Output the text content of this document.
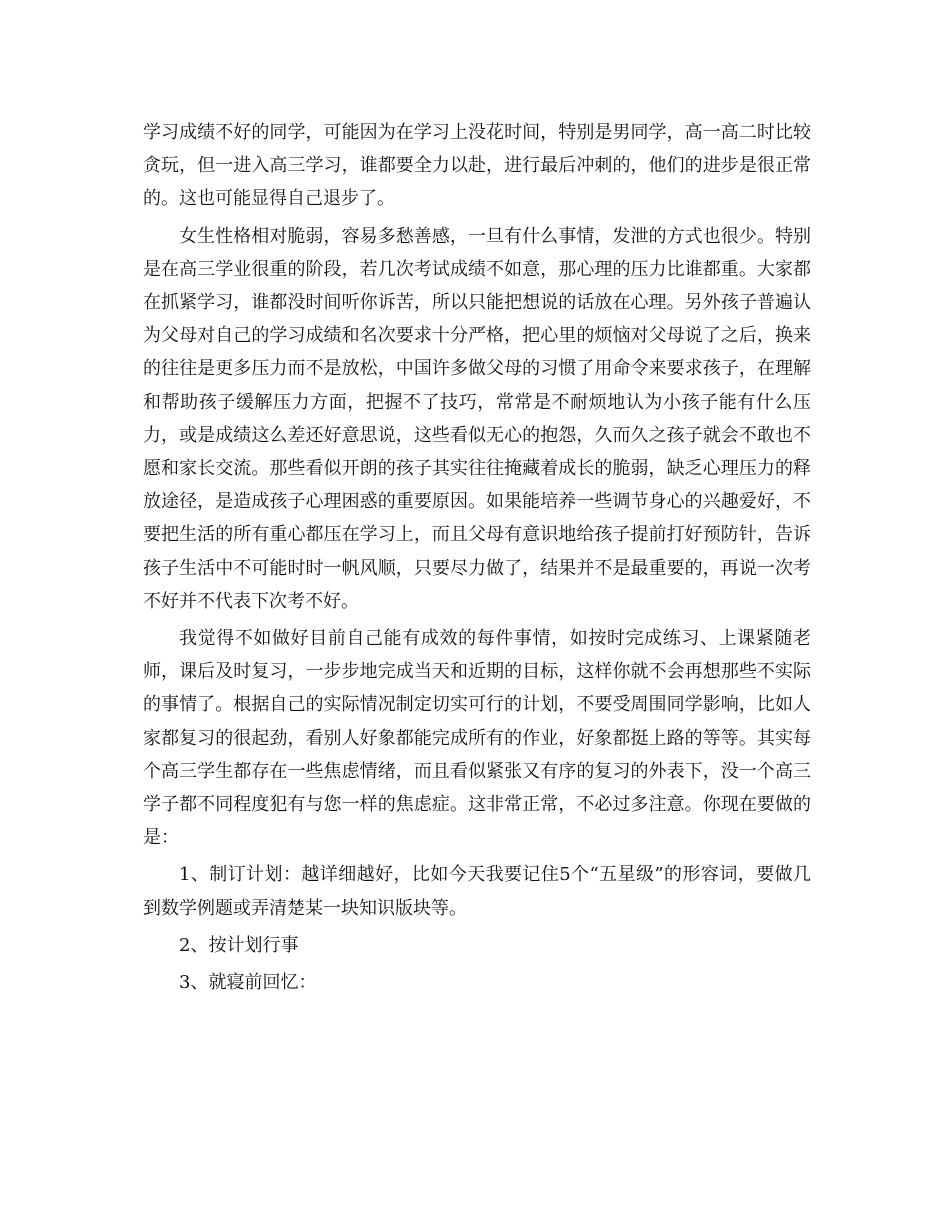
学习成绩不好的同学，可能因为在学习上没花时间，特别是男同学，高一高二时比较贪玩，但一进入高三学习，谁都要全力以赴，进行最后冲刺的，他们的进步是很正常的。这也可能显得自己退步了。

女生性格相对脆弱，容易多愁善感，一旦有什么事情，发泄的方式也很少。特别是在高三学业很重的阶段，若几次考试成绩不如意，那心理的压力比谁都重。大家都在抓紧学习，谁都没时间听你诉苦，所以只能把想说的话放在心理。另外孩子普遍认为父母对自己的学习成绩和名次要求十分严格，把心里的烦恼对父母说了之后，换来的往往是更多压力而不是放松，中国许多做父母的习惯了用命令来要求孩子，在理解和帮助孩子缓解压力方面，把握不了技巧，常常是不耐烦地认为小孩子能有什么压力，或是成绩这么差还好意思说，这些看似无心的抱怨，久而久之孩子就会不敢也不愿和家长交流。那些看似开朗的孩子其实往往掩藏着成长的脆弱，缺乏心理压力的释放途径，是造成孩子心理困惑的重要原因。如果能培养一些调节身心的兴趣爱好，不要把生活的所有重心都压在学习上，而且父母有意识地给孩子提前打好预防针，告诉孩子生活中不可能时时一帆风顺，只要尽力做了，结果并不是最重要的，再说一次考不好并不代表下次考不好。

我觉得不如做好目前自己能有成效的每件事情，如按时完成练习、上课紧随老师，课后及时复习，一步步地完成当天和近期的目标，这样你就不会再想那些不实际的事情了。根据自己的实际情况制定切实可行的计划，不要受周围同学影响，比如人家都复习的很起劲，看别人好象都能完成所有的作业，好象都挺上路的等等。其实每个高三学生都存在一些焦虑情绪，而且看似紧张又有序的复习的外表下，没一个高三学子都不同程度犯有与您一样的焦虑症。这非常正常，不必过多注意。你现在要做的是：

1、制订计划：越详细越好，比如今天我要记住5个“五星级”的形容词，要做几到数学例题或弄清楚某一块知识版块等。

2、按计划行事

3、就寝前回忆：
